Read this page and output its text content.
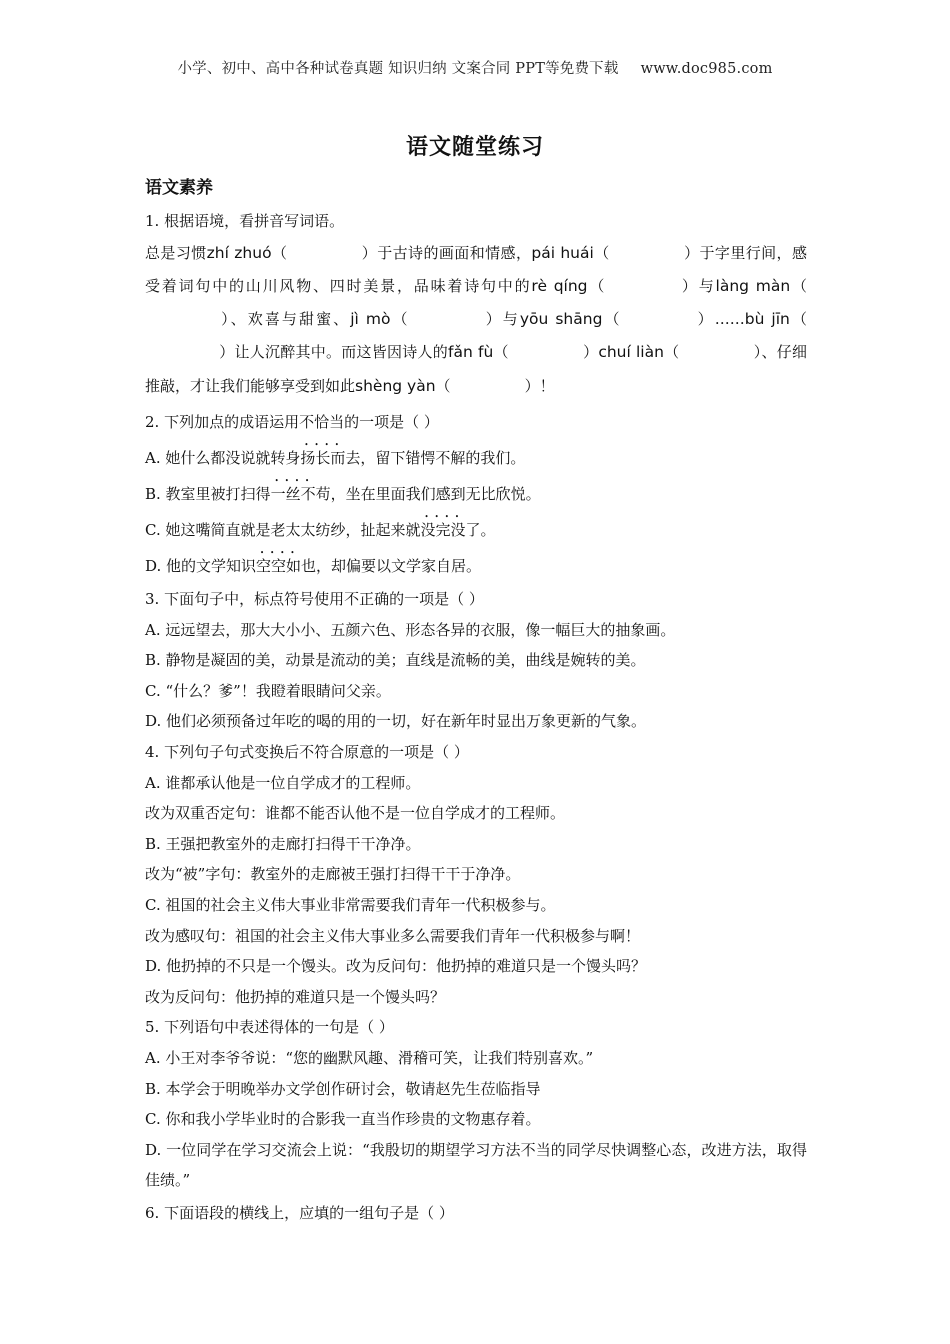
小学、初中、高中各种试卷真题 知识归纳 文案合同 PPT等免费下载 www.doc985.com
语文随堂练习
语文素养
1. 根据语境，看拼音写词语。
总是习惯zhí zhuó（	）于古诗的画面和情感，pái huái（	）于字里行间，感受着词句中的山川风物、四时美景，品味着诗句中的rè qíng（	）与làng màn（）、欢喜与甜蜜、jì mò（	）与yōu shāng（	）……bù jīn（）让人沉醉其中。而这皆因诗人的fǎn fù（	）chuí liàn（	）、仔细推敲，才让我们能够享受到如此shèng yàn（	）！
2. 下列加点的成语运用不恰当的一项是（ ）
A. 她什么都没说就转身•••• 扬长而去，留下错愕不解的我们。
B. 教室里被打扫得•••• 一丝不苟，坐在里面我们感到无比欣悦。
C. 她这嘴简直就是老太太纺纱，扯起来就•••• 没完没了。
D. 他的文学知识•••• 空空如也，却偏要以文学家自居。
3. 下面句子中，标点符号使用不正确的一项是（ ）
A. 远远望去，那大大小小、五颜六色、形态各异的衣服，像一幅巨大的抽象画。
B. 静物是凝固的美，动景是流动的美；直线是流畅的美，曲线是婉转的美。
C. “什么？爹”！我瞪着眼睛问父亲。
D. 他们必须预备过年吃的喝的用的一切，好在新年时显出万象更新的气象。
4. 下列句子句式变换后不符合原意的一项是（ ）
A. 谁都承认他是一位自学成才的工程师。
改为双重否定句：谁都不能否认他不是一位自学成才的工程师。
B. 王强把教室外的走廊打扫得干干净净。
改为“被”字句：教室外的走廊被王强打扫得干干于净净。
C. 祖国的社会主义伟大事业非常需要我们青年一代积极参与。
改为感叹句：祖国的社会主义伟大事业多么需要我们青年一代积极参与啊！
D. 他扔掉的不只是一个馒头。改为反问句：他扔掉的难道只是一个馒头吗？
改为反问句：他扔掉的难道只是一个馒头吗？
5. 下列语句中表述得体的一句是（ ）
A. 小王对李爷爷说：“您的幽默风趣、滑稽可笑，让我们特别喜欢。”
B. 本学会于明晚举办文学创作研讨会，敬请赵先生莅临指导
C. 你和我小学毕业时的合影我一直当作珍贵的文物惠存着。
D. 一位同学在学习交流会上说：“我殷切的期望学习方法不当的同学尽快调整心态，改进方法，取得佳绩。”
6. 下面语段的横线上，应填的一组句子是（ ）
